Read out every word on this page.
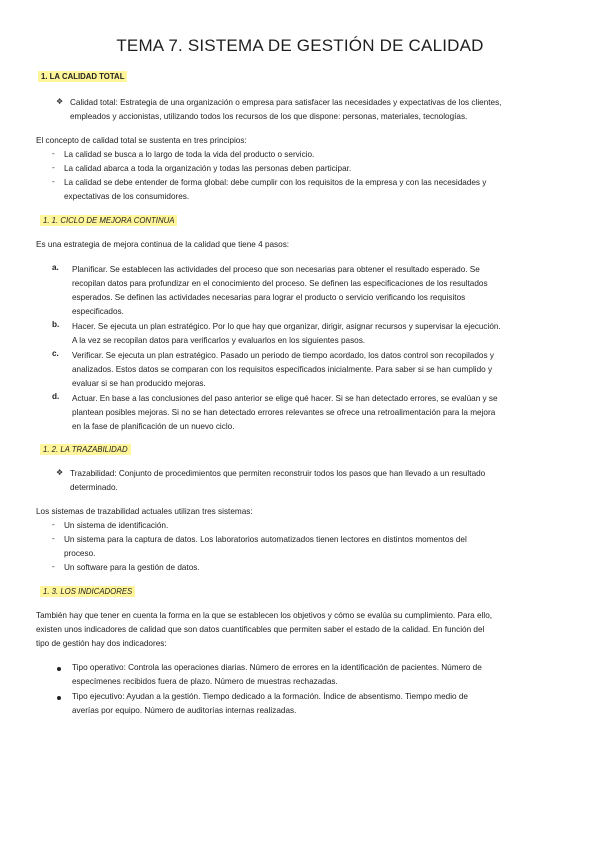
TEMA 7. SISTEMA DE GESTIÓN DE CALIDAD
1. LA CALIDAD TOTAL
❖ Calidad total: Estrategia de una organización o empresa para satisfacer las necesidades y expectativas de los clientes,
empleados y accionistas, utilizando todos los recursos de los que dispone: personas, materiales, tecnologías.
El concepto de calidad total se sustenta en tres principios:
- La calidad se busca a lo largo de toda la vida del producto o servicio.
- La calidad abarca a toda la organización y todas las personas deben participar.
- La calidad se debe entender de forma global: debe cumplir con los requisitos de la empresa y con las necesidades y
expectativas de los consumidores.
1. 1. CICLO DE MEJORA CONTINUA
Es una estrategia de mejora continua de la calidad que tiene 4 pasos:
a. Planificar. Se establecen las actividades del proceso que son necesarias para obtener el resultado esperado. Se
recopilan datos para profundizar en el conocimiento del proceso. Se definen las especificaciones de los resultados
esperados. Se definen las actividades necesarias para lograr el producto o servicio verificando los requisitos
especificados.
b. Hacer. Se ejecuta un plan estratégico. Por lo que hay que organizar, dirigir, asignar recursos y supervisar la ejecución.
A la vez se recopilan datos para verificarlos y evaluarlos en los siguientes pasos.
c. Verificar. Se ejecuta un plan estratégico. Pasado un periodo de tiempo acordado, los datos control son recopilados y
analizados. Estos datos se comparan con los requisitos especificados inicialmente. Para saber si se han cumplido y
evaluar si se han producido mejoras.
d. Actuar. En base a las conclusiones del paso anterior se elige qué hacer. Si se han detectado errores, se evalúan y se
plantean posibles mejoras. Si no se han detectado errores relevantes se ofrece una retroalimentación para la mejora
en la fase de planificación de un nuevo ciclo.
1. 2. LA TRAZABILIDAD
❖ Trazabilidad: Conjunto de procedimientos que permiten reconstruir todos los pasos que han llevado a un resultado
determinado.
Los sistemas de trazabilidad actuales utilizan tres sistemas:
- Un sistema de identificación.
- Un sistema para la captura de datos. Los laboratorios automatizados tienen lectores en distintos momentos del
proceso.
- Un software para la gestión de datos.
1. 3. LOS INDICADORES
También hay que tener en cuenta la forma en la que se establecen los objetivos y cómo se evalúa su cumplimiento. Para ello,
existen unos indicadores de calidad que son datos cuantificables que permiten saber el estado de la calidad. En función del
tipo de gestión hay dos indicadores:
Tipo operativo: Controla las operaciones diarias. Número de errores en la identificación de pacientes. Número de
especímenes recibidos fuera de plazo. Número de muestras rechazadas.
Tipo ejecutivo: Ayudan a la gestión. Tiempo dedicado a la formación. Índice de absentismo. Tiempo medio de
averías por equipo. Número de auditorías internas realizadas.
